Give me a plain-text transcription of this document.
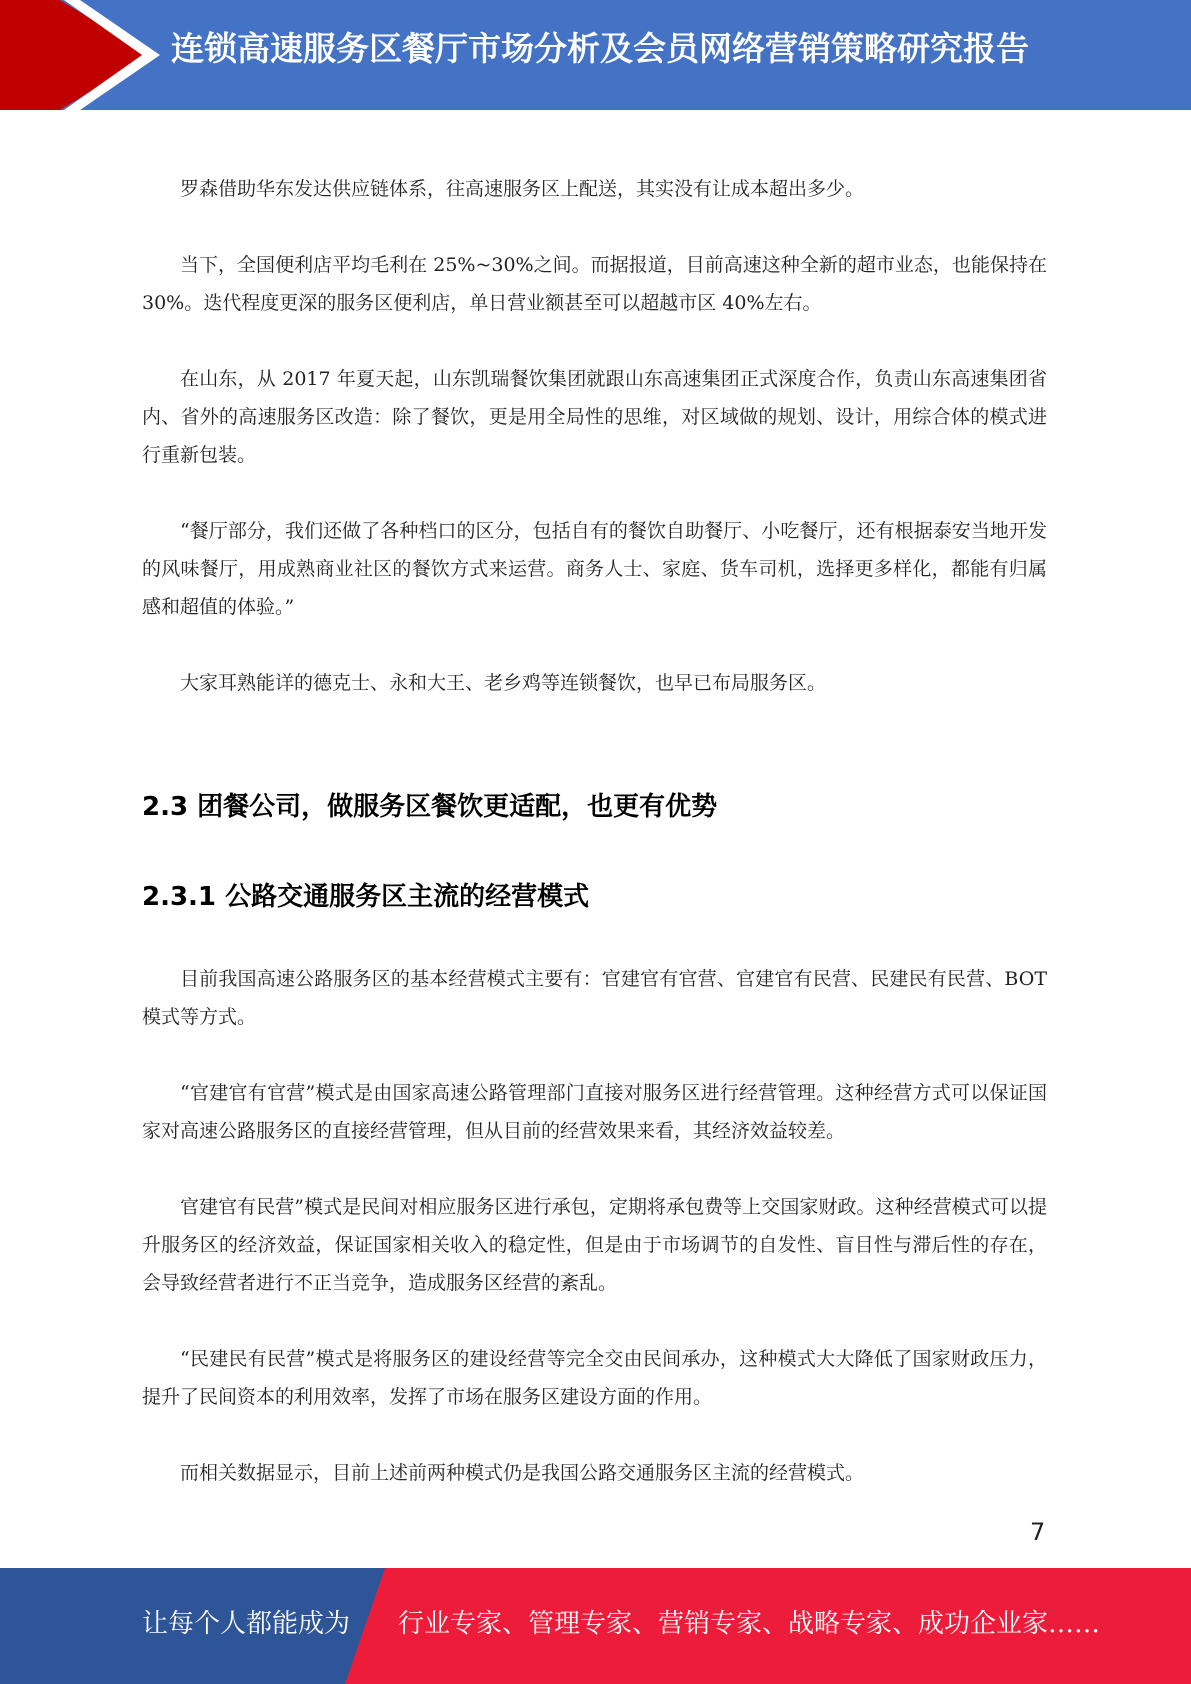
连锁高速服务区餐厅市场分析及会员网络营销策略研究报告

罗森借助华东发达供应链体系，往高速服务区上配送，其实没有让成本超出多少。

当下，全国便利店平均毛利在 25%~30%之间。而据报道，目前高速这种全新的超市业态，也能保持在 30%。迭代程度更深的服务区便利店，单日营业额甚至可以超越市区 40%左右。

在山东，从 2017 年夏天起，山东凯瑞餐饮集团就跟山东高速集团正式深度合作，负责山东高速集团省内、省外的高速服务区改造：除了餐饮，更是用全局性的思维，对区域做的规划、设计，用综合体的模式进行重新包装。

“餐厅部分，我们还做了各种档口的区分，包括自有的餐饮自助餐厅、小吃餐厅，还有根据泰安当地开发的风味餐厅，用成熟商业社区的餐饮方式来运营。商务人士、家庭、货车司机，选择更多样化，都能有归属感和超值的体验。”

大家耳熟能详的德克士、永和大王、老乡鸡等连锁餐饮，也早已布局服务区。

2.3 团餐公司，做服务区餐饮更适配，也更有优势
2.3.1 公路交通服务区主流的经营模式

目前我国高速公路服务区的基本经营模式主要有：官建官有官营、官建官有民营、民建民有民营、BOT 模式等方式。

“官建官有官营”模式是由国家高速公路管理部门直接对服务区进行经营管理。这种经营方式可以保证国家对高速公路服务区的直接经营管理，但从目前的经营效果来看，其经济效益较差。

官建官有民营”模式是民间对相应服务区进行承包，定期将承包费等上交国家财政。这种经营模式可以提升服务区的经济效益，保证国家相关收入的稳定性，但是由于市场调节的自发性、盲目性与滞后性的存在，会导致经营者进行不正当竞争，造成服务区经营的紊乱。

“民建民有民营”模式是将服务区的建设经营等完全交由民间承办，这种模式大大降低了国家财政压力，提升了民间资本的利用效率，发挥了市场在服务区建设方面的作用。

而相关数据显示，目前上述前两种模式仍是我国公路交通服务区主流的经营模式。

7
让每个人都能成为 行业专家、管理专家、营销专家、战略专家、成功企业家……
